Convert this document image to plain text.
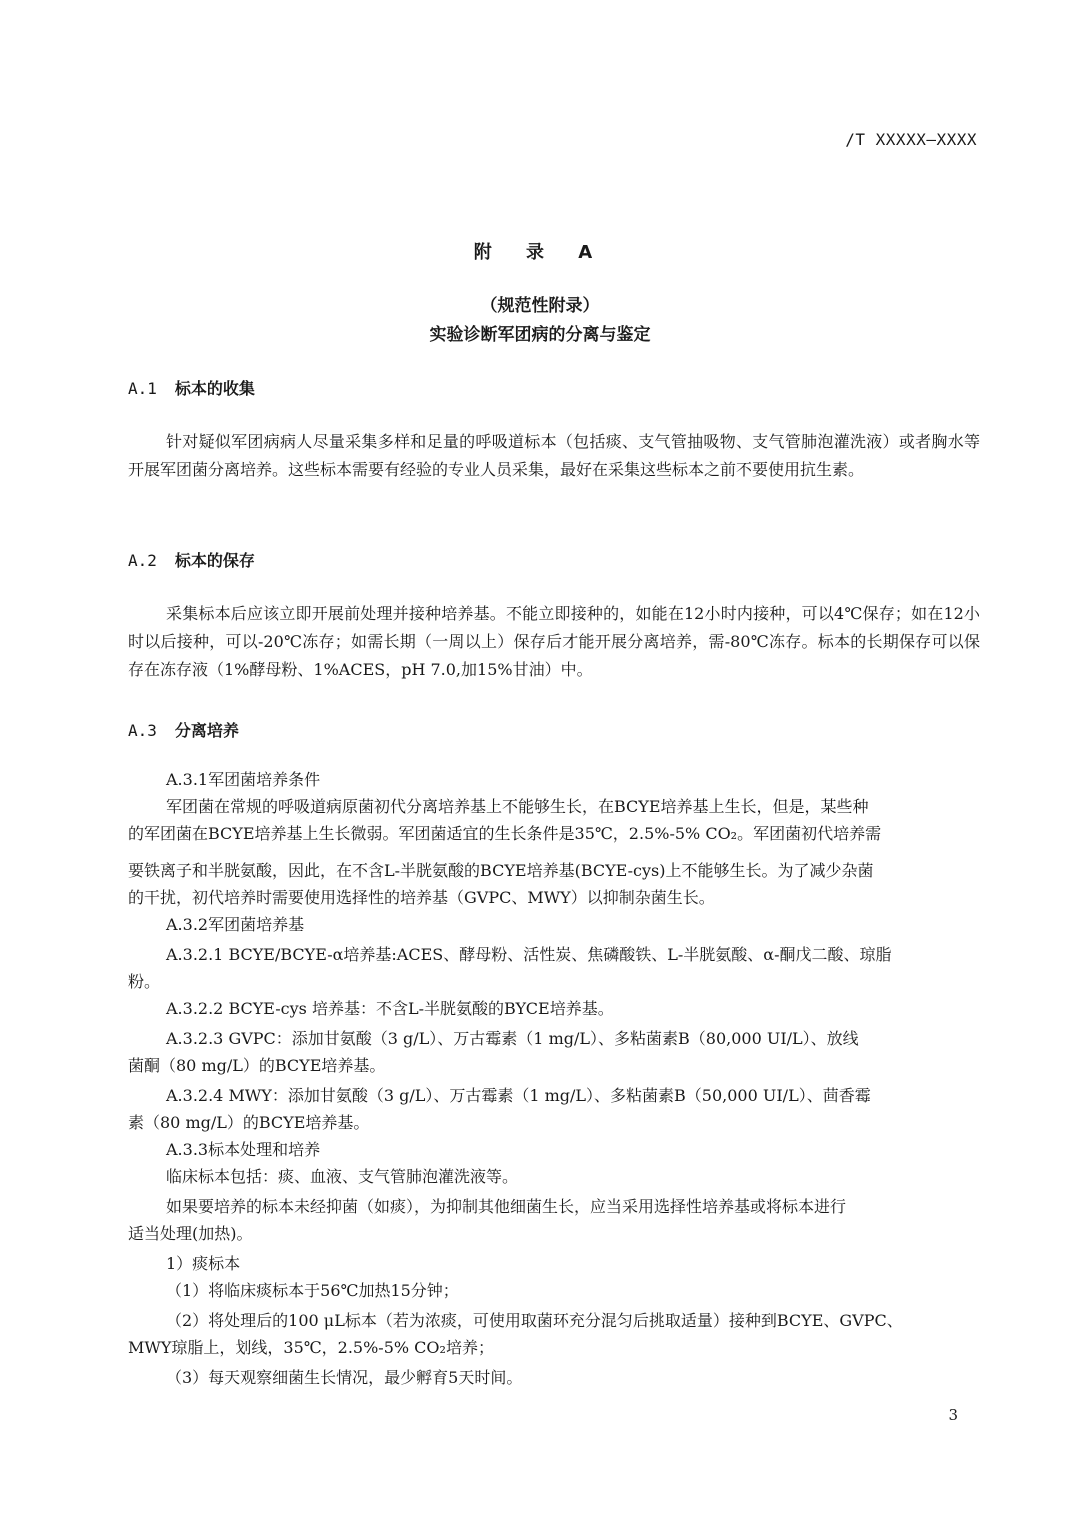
/T XXXXX—XXXX
附 录 A
（规范性附录）
实验诊断军团病的分离与鉴定
A.1 标本的收集
针对疑似军团病病人尽量采集多样和足量的呼吸道标本（包括痰、支气管抽吸物、支气管肺泡灌洗液）或者胸水等开展军团菌分离培养。这些标本需要有经验的专业人员采集，最好在采集这些标本之前不要使用抗生素。
A.2 标本的保存
采集标本后应该立即开展前处理并接种培养基。不能立即接种的，如能在12小时内接种，可以4℃保存；如在12小时以后接种，可以-20℃冻存；如需长期（一周以上）保存后才能开展分离培养，需-80℃冻存。标本的长期保存可以保存在冻存液（1%酵母粉、1%ACES，pH 7.0,加15%甘油）中。
A.3 分离培养
A.3.1军团菌培养条件
军团菌在常规的呼吸道病原菌初代分离培养基上不能够生长，在BCYE培养基上生长，但是，某些种
的军团菌在BCYE培养基上生长微弱。军团菌适宜的生长条件是35℃，2.5%-5% CO₂。军团菌初代培养需
要铁离子和半胱氨酸，因此，在不含L-半胱氨酸的BCYE培养基(BCYE-cys)上不能够生长。为了减少杂菌
的干扰，初代培养时需要使用选择性的培养基（GVPC、MWY）以抑制杂菌生长。
A.3.2军团菌培养基
A.3.2.1 BCYE/BCYE-α培养基:ACES、酵母粉、活性炭、焦磷酸铁、L-半胱氨酸、α-酮戊二酸、琼脂
粉。
A.3.2.2 BCYE-cys 培养基：不含L-半胱氨酸的BYCE培养基。
A.3.2.3 GVPC：添加甘氨酸（3 g/L）、万古霉素（1 mg/L）、多粘菌素B（80,000 UI/L）、放线
菌酮（80 mg/L）的BCYE培养基。
A.3.2.4 MWY：添加甘氨酸（3 g/L）、万古霉素（1 mg/L）、多粘菌素B（50,000 UI/L）、茴香霉
素（80 mg/L）的BCYE培养基。
A.3.3标本处理和培养
临床标本包括：痰、血液、支气管肺泡灌洗液等。
如果要培养的标本未经抑菌（如痰），为抑制其他细菌生长，应当采用选择性培养基或将标本进行
适当处理(加热)。
1）痰标本
（1）将临床痰标本于56℃加热15分钟；
（2）将处理后的100 μL标本（若为浓痰，可使用取菌环充分混匀后挑取适量）接种到BCYE、GVPC、
MWY琼脂上，划线，35℃，2.5%-5% CO₂培养；
（3）每天观察细菌生长情况，最少孵育5天时间。
3
